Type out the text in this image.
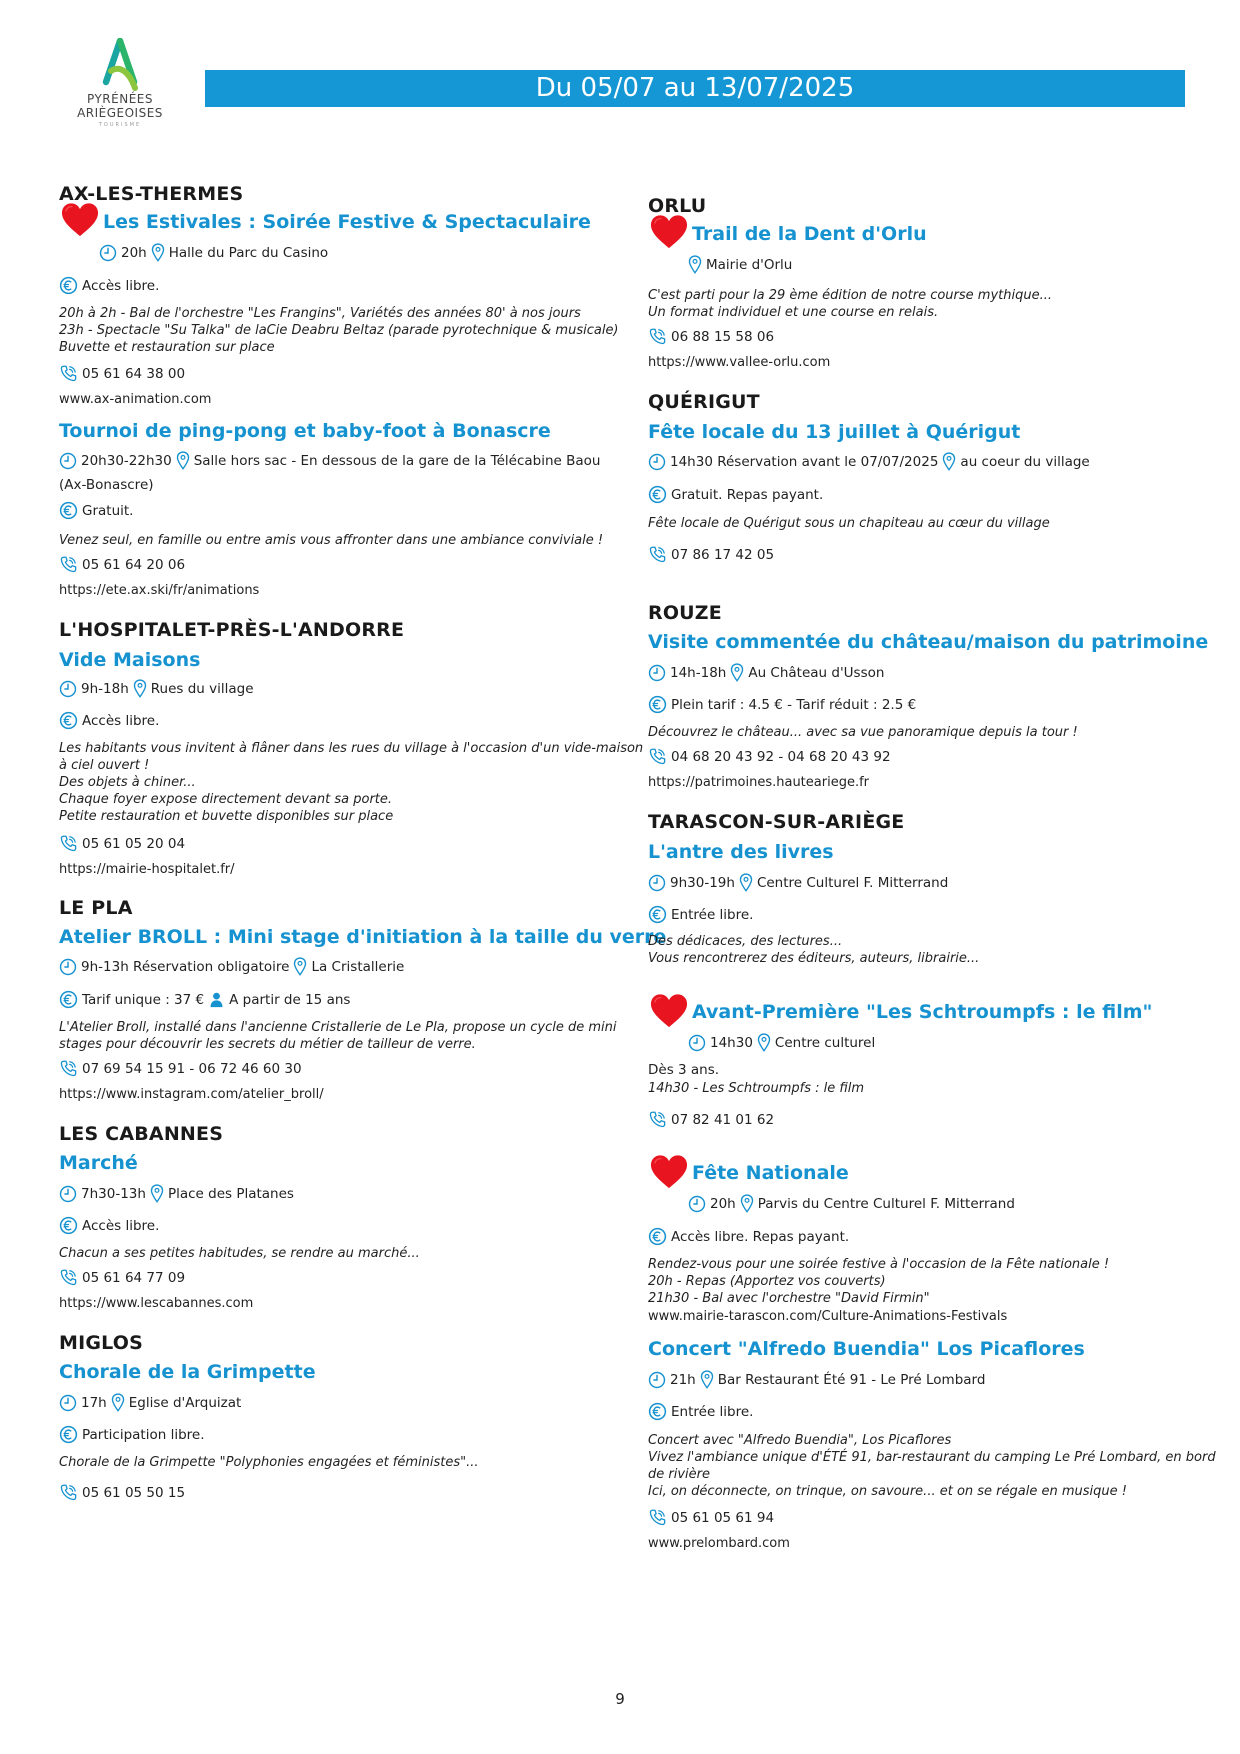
PYRÉNÉES
ARIÈGEOISES
TOURISME
Du 05/07 au 13/07/2025
AX-LES-THERMES
Les Estivales : Soirée Festive & Spectaculaire
20h Halle du Parc du Casino
Accès libre.
20h à 2h - Bal de l'orchestre "Les Frangins", Variétés des années 80' à nos jours
23h - Spectacle "Su Talka" de laCie Deabru Beltaz (parade pyrotechnique & musicale)
Buvette et restauration sur place
05 61 64 38 00
www.ax-animation.com
Tournoi de ping-pong et baby-foot à Bonascre
20h30-22h30 Salle hors sac - En dessous de la gare de la Télécabine Baou
(Ax-Bonascre)
Gratuit.
Venez seul, en famille ou entre amis vous affronter dans une ambiance conviviale !
05 61 64 20 06
https://ete.ax.ski/fr/animations
L'HOSPITALET-PRÈS-L'ANDORRE
Vide Maisons
9h-18h Rues du village
Accès libre.
Les habitants vous invitent à flâner dans les rues du village à l'occasion d'un vide-maison
à ciel ouvert !
Des objets à chiner...
Chaque foyer expose directement devant sa porte.
Petite restauration et buvette disponibles sur place
05 61 05 20 04
https://mairie-hospitalet.fr/
LE PLA
Atelier BROLL : Mini stage d'initiation à la taille du verre
9h-13h Réservation obligatoire La Cristallerie
Tarif unique : 37 € A partir de 15 ans
L'Atelier Broll, installé dans l'ancienne Cristallerie de Le Pla, propose un cycle de mini
stages pour découvrir les secrets du métier de tailleur de verre.
07 69 54 15 91 - 06 72 46 60 30
https://www.instagram.com/atelier_broll/
LES CABANNES
Marché
7h30-13h Place des Platanes
Accès libre.
Chacun a ses petites habitudes, se rendre au marché...
05 61 64 77 09
https://www.lescabannes.com
MIGLOS
Chorale de la Grimpette
17h Eglise d'Arquizat
Participation libre.
Chorale de la Grimpette "Polyphonies engagées et féministes"...
05 61 05 50 15
ORLU
Trail de la Dent d'Orlu
Mairie d'Orlu
C'est parti pour la 29 ème édition de notre course mythique...
Un format individuel et une course en relais.
06 88 15 58 06
https://www.vallee-orlu.com
QUÉRIGUT
Fête locale du 13 juillet à Quérigut
14h30 Réservation avant le 07/07/2025 au coeur du village
Gratuit. Repas payant.
Fête locale de Quérigut sous un chapiteau au cœur du village
07 86 17 42 05
ROUZE
Visite commentée du château/maison du patrimoine
14h-18h Au Château d'Usson
Plein tarif : 4.5 € - Tarif réduit : 2.5 €
Découvrez le château... avec sa vue panoramique depuis la tour !
04 68 20 43 92 - 04 68 20 43 92
https://patrimoines.hauteariege.fr
TARASCON-SUR-ARIÈGE
L'antre des livres
9h30-19h Centre Culturel F. Mitterrand
Entrée libre.
Des dédicaces, des lectures...
Vous rencontrerez des éditeurs, auteurs, librairie...
Avant-Première "Les Schtroumpfs : le film"
14h30 Centre culturel
Dès 3 ans.
14h30 - Les Schtroumpfs : le film
07 82 41 01 62
Fête Nationale
20h Parvis du Centre Culturel F. Mitterrand
Accès libre. Repas payant.
Rendez-vous pour une soirée festive à l'occasion de la Fête nationale !
20h - Repas (Apportez vos couverts)
21h30 - Bal avec l'orchestre "David Firmin"
www.mairie-tarascon.com/Culture-Animations-Festivals
Concert "Alfredo Buendia" Los Picaflores
21h Bar Restaurant Été 91 - Le Pré Lombard
Entrée libre.
Concert avec "Alfredo Buendia", Los Picaflores
Vivez l'ambiance unique d'ÉTÉ 91, bar-restaurant du camping Le Pré Lombard, en bord
de rivière
Ici, on déconnecte, on trinque, on savoure... et on se régale en musique !
05 61 05 61 94
www.prelombard.com
9
